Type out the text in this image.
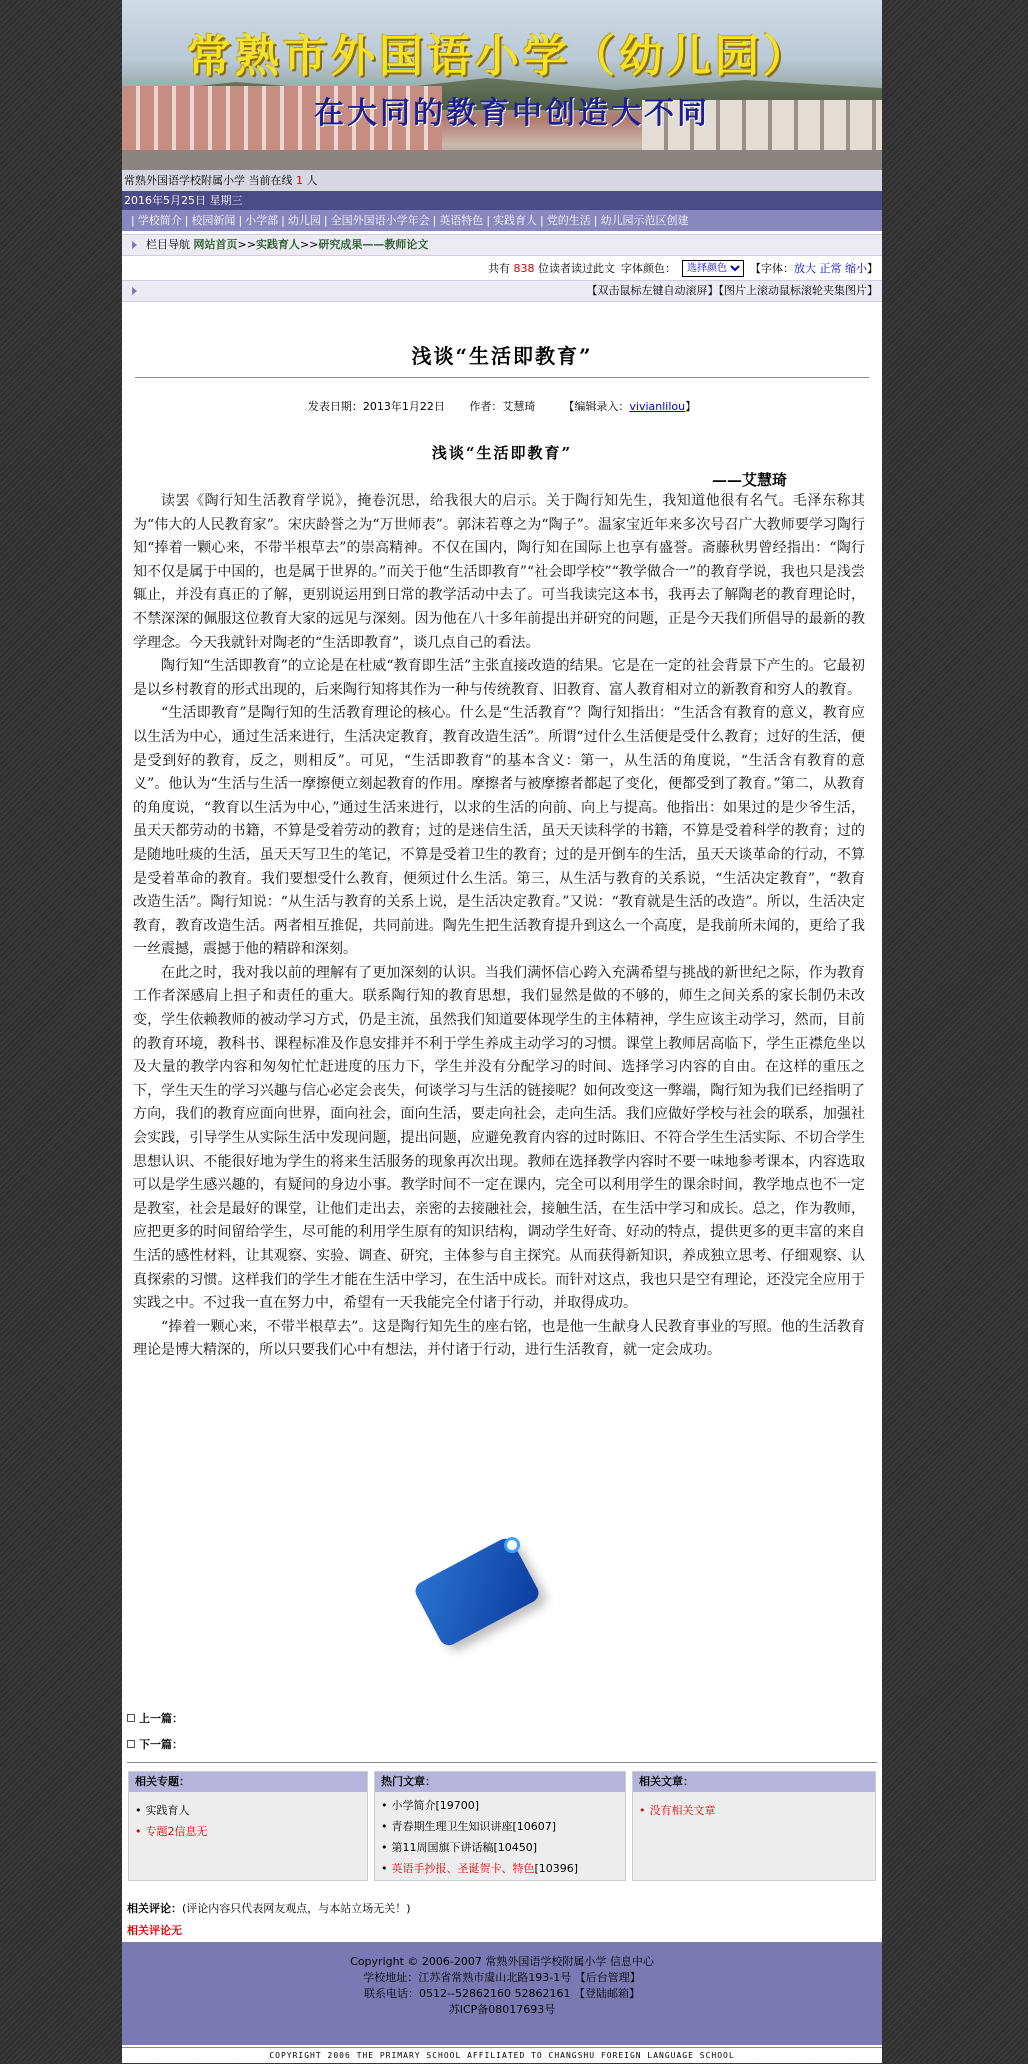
常熟市外国语小学（幼儿园）
在大同的教育中创造大不同
常熟外国语学校附属小学 当前在线 1 人
2016年5月25日 星期三
| 学校简介 | 校园新闻 | 小学部 | 幼儿园 | 全国外国语小学年会 | 英语特色 | 实践育人 | 党的生活 | 幼儿园示范区创建
栏目导航
网站首页 >> 实践育人 >> 研究成果——教师论文
共有 838 位读者读过此文 字体颜色：
选择颜色	【字体：放大 正常 缩小】
【双击鼠标左键自动滚屏】【图片上滚动鼠标滚轮夹集图片】
浅谈“生活即教育”
发表日期：2013年1月22日 作者：艾慧琦	【编辑录入：vivianlilou】
浅谈“生活即教育”
——艾慧琦

读罢《陶行知生活教育学说》，掩卷沉思，给我很大的启示。关于陶行知先生，我知道他很有名气。毛泽东称其为“伟大的人民教育家”。宋庆龄誉之为“万世师表”。郭沫若尊之为“陶子”。温家宝近年来多次号召广大教师要学习陶行知“捧着一颗心来，不带半根草去”的崇高精神。不仅在国内，陶行知在国际上也享有盛誉。斋藤秋男曾经指出：“陶行知不仅是属于中国的，也是属于世界的。”而关于他“生活即教育”“社会即学校”“教学做合一”的教育学说，我也只是浅尝辄止，并没有真正的了解，更别说运用到日常的教学活动中去了。可当我读完这本书，我再去了解陶老的教育理论时，不禁深深的佩服这位教育大家的远见与深刻。因为他在八十多年前提出并研究的问题，正是今天我们所倡导的最新的教学理念。今天我就针对陶老的“生活即教育”，谈几点自己的看法。

陶行知“生活即教育”的立论是在杜威“教育即生活”主张直接改造的结果。它是在一定的社会背景下产生的。它最初是以乡村教育的形式出现的，后来陶行知将其作为一种与传统教育、旧教育、富人教育相对立的新教育和穷人的教育。

“生活即教育”是陶行知的生活教育理论的核心。什么是“生活教育”？陶行知指出：“生活含有教育的意义，教育应以生活为中心，通过生活来进行，生活决定教育，教育改造生活”。所谓“过什么生活便是受什么教育；过好的生活，便是受到好的教育，反之，则相反”。可见，“生活即教育”的基本含义：第一，从生活的角度说，“生活含有教育的意义”。他认为“生活与生活一摩擦便立刻起教育的作用。摩擦者与被摩擦者都起了变化，便都受到了教育。”第二，从教育的角度说，“教育以生活为中心，”通过生活来进行，以求的生活的向前、向上与提高。他指出：如果过的是少爷生活，虽天天都劳动的书籍，不算是受着劳动的教育；过的是迷信生活，虽天天读科学的书籍，不算是受着科学的教育；过的是随地吐痰的生活，虽天天写卫生的笔记，不算是受着卫生的教育；过的是开倒车的生活，虽天天谈革命的行动，不算是受着革命的教育。我们要想受什么教育，便须过什么生活。第三，从生活与教育的关系说，“生活决定教育”，“教育改造生活”。陶行知说：“从生活与教育的关系上说，是生活决定教育。”又说：“教育就是生活的改造”。所以，生活决定教育，教育改造生活。两者相互推促，共同前进。陶先生把生活教育提升到这么一个高度，是我前所未闻的，更给了我一丝震撼，震撼于他的精辟和深刻。

在此之时，我对我以前的理解有了更加深刻的认识。当我们满怀信心跨入充满希望与挑战的新世纪之际，作为教育工作者深感肩上担子和责任的重大。联系陶行知的教育思想，我们显然是做的不够的，师生之间关系的家长制仍未改变，学生依赖教师的被动学习方式，仍是主流，虽然我们知道要体现学生的主体精神，学生应该主动学习，然而，目前的教育环境，教科书、课程标准及作息安排并不利于学生养成主动学习的习惯。课堂上教师居高临下，学生正襟危坐以及大量的教学内容和匆匆忙忙赶进度的压力下，学生并没有分配学习的时间、选择学习内容的自由。在这样的重压之下，学生天生的学习兴趣与信心必定会丧失，何谈学习与生活的链接呢？如何改变这一弊端，陶行知为我们已经指明了方向，我们的教育应面向世界，面向社会，面向生活，要走向社会，走向生活。我们应做好学校与社会的联系，加强社会实践，引导学生从实际生活中发现问题，提出问题，应避免教育内容的过时陈旧、不符合学生生活实际、不切合学生思想认识、不能很好地为学生的将来生活服务的现象再次出现。教师在选择教学内容时不要一味地参考课本，内容选取可以是学生感兴趣的，有疑问的身边小事。教学时间不一定在课内，完全可以利用学生的课余时间，教学地点也不一定是教室，社会是最好的课堂，让他们走出去，亲密的去接融社会，接触生活，在生活中学习和成长。总之，作为教师，应把更多的时间留给学生，尽可能的利用学生原有的知识结构，调动学生好奇、好动的特点，提供更多的更丰富的来自生活的感性材料，让其观察、实验、调查、研究，主体参与自主探究。从而获得新知识，养成独立思考、仔细观察、认真探索的习惯。这样我们的学生才能在生活中学习，在生活中成长。而针对这点，我也只是空有理论，还没完全应用于实践之中。不过我一直在努力中，希望有一天我能完全付诸于行动，并取得成功。

“捧着一颗心来，不带半根草去”。这是陶行知先生的座右铭，也是他一生献身人民教育事业的写照。他的生活教育理论是博大精深的，所以只要我们心中有想法，并付诸于行动，进行生活教育，就一定会成功。

上一篇：
下一篇：
相关专题：
• 实践育人
• 专题2信息无
热门文章：
• 小学简介[19700]
• 青春期生理卫生知识讲座[10607]
• 第11周国旗下讲话稿[10450]
• 英语手抄报、圣诞贺卡、特色[10396]
相关文章：
• 没有相关文章
相关评论：(评论内容只代表网友观点，与本站立场无关！)
相关评论无
Copyright © 2006-2007 常熟外国语学校附属小学 信息中心
学校地址：江苏省常熟市虞山北路193-1号 【后台管理】
联系电话：0512--52862160 52862161 【登陆邮箱】
苏ICP备08017693号
COPYRIGHT 2006 THE PRIMARY SCHOOL AFFILIATED TO CHANGSHU FOREIGN LANGUAGE SCHOOL
